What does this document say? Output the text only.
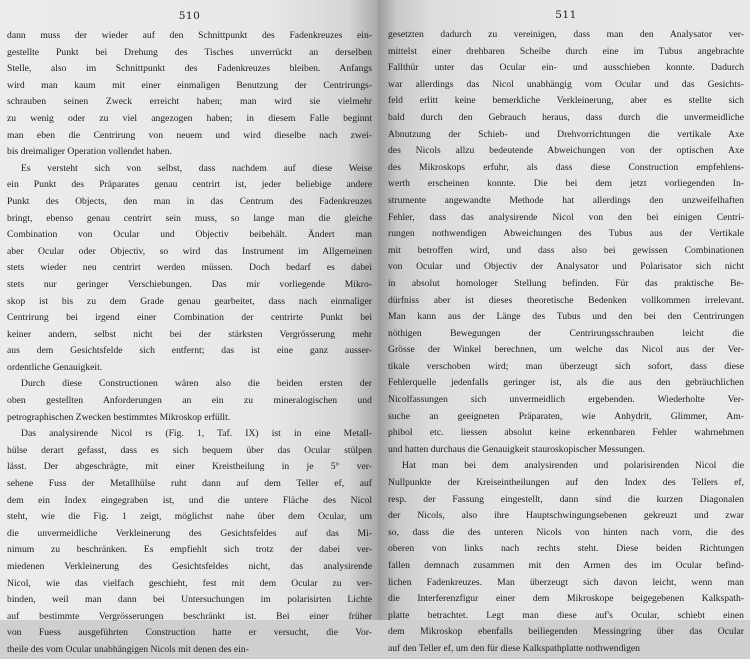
510
dann muss der wieder auf den Schnittpunkt des Fadenkreuzes ein-
gestellte Punkt bei Drehung des Tisches unverrückt an derselben
Stelle, also im Schnittpunkt des Fadenkreuzes bleiben. Anfangs
wird man kaum mit einer einmaligen Benutzung der Centrirungs-
schrauben seinen Zweck erreicht haben; man wird sie vielmehr
zu wenig oder zu viel angezogen haben; in diesem Falle beginnt
man eben die Centrirung von neuem und wird dieselbe nach zwei-
bis dreimaliger Operation vollendet haben.
Es versteht sich von selbst, dass nachdem auf diese Weise
ein Punkt des Präparates genau centrirt ist, jeder beliebige andere
Punkt des Objects, den man in das Centrum des Fadenkreuzes
bringt, ebenso genau centrirt sein muss, so lange man die gleiche
Combination von Ocular und Objectiv beibehält. Ändert man
aber Ocular oder Objectiv, so wird das Instrument im Allgemeinen
stets wieder neu centrirt werden müssen. Doch bedarf es dabei
stets nur geringer Verschiebungen. Das mir vorliegende Mikro-
skop ist bis zu dem Grade genau gearbeitet, dass nach einmaliger
Centrirung bei irgend einer Combination der centrirte Punkt bei
keiner andern, selbst nicht bei der stärksten Vergrösserung mehr
aus dem Gesichtsfelde sich entfernt; das ist eine ganz ausser-
ordentliche Genauigkeit.
Durch diese Constructionen wären also die beiden ersten der
oben gestellten Anforderungen an ein zu mineralogischen und
petrographischen Zwecken bestimmtes Mikroskop erfüllt.
Das analysirende Nicol rs (Fig. 1, Taf. IX) ist in eine Metall-
hülse derart gefasst, dass es sich bequem über das Ocular stülpen
lässt. Der abgeschrägte, mit einer Kreistheilung in je 5° ver-
sehene Fuss der Metallhülse ruht dann auf dem Teller ef, auf
dem ein Index eingegraben ist, und die untere Fläche des Nicol
steht, wie die Fig. 1 zeigt, möglichst nahe über dem Ocular, um
die unvermeidliche Verkleinerung des Gesichtsfeldes auf das Mi-
nimum zu beschränken. Es empfiehlt sich trotz der dabei ver-
miedenen Verkleinerung des Gesichtsfeldes nicht, das analysirende
Nicol, wie das vielfach geschieht, fest mit dem Ocular zu ver-
binden, weil man dann bei Untersuchungen im polarisirten Lichte
auf bestimmte Vergrösserungen beschränkt ist. Bei einer früher
von Fuess ausgeführten Construction hatte er versucht, die Vor-
theile des vom Ocular unabhängigen Nicols mit denen des ein-
511
gesetzten dadurch zu vereinigen, dass man den Analysator ver-
mittelst einer drehbaren Scheibe durch eine im Tubus angebrachte
Fallthür unter das Ocular ein- und ausschieben konnte. Dadurch
war allerdings das Nicol unabhängig vom Ocular und das Gesichts-
feld erlitt keine bemerkliche Verkleinerung, aber es stellte sich
bald durch den Gebrauch heraus, dass durch die unvermeidliche
Abnutzung der Schieb- und Drehvorrichtungen die vertikale Axe
des Nicols allzu bedeutende Abweichungen von der optischen Axe
des Mikroskops erfuhr, als dass diese Construction empfehlens-
werth erscheinen konnte. Die bei dem jetzt vorliegenden In-
strumente angewandte Methode hat allerdings den unzweifelhaften
Fehler, dass das analysirende Nicol von den bei einigen Centri-
rungen nothwendigen Abweichungen des Tubus aus der Vertikale
mit betroffen wird, und dass also bei gewissen Combinationen
von Ocular und Objectiv der Analysator und Polarisator sich nicht
in absolut homologer Stellung befinden. Für das praktische Be-
dürfniss aber ist dieses theoretische Bedenken vollkommen irrelevant.
Man kann aus der Länge des Tubus und den bei den Centrirungen
nöthigen Bewegungen der Centrirungsschrauben leicht die
Grösse der Winkel berechnen, um welche das Nicol aus der Ver-
tikale verschoben wird; man überzeugt sich sofort, dass diese
Fehlerquelle jedenfalls geringer ist, als die aus den gebräuchlichen
Nicolfassungen sich unvermeidlich ergebenden. Wiederholte Ver-
suche an geeigneten Präparaten, wie Anhydrit, Glimmer, Am-
phibol etc. liessen absolut keine erkennbaren Fehler wahrnehmen
und hatten durchaus die Genauigkeit stauroskopischer Messungen.
Hat man bei dem analysirenden und polarisirenden Nicol die
Nullpunkte der Kreiseintheilungen auf den Index des Tellers ef,
resp. der Fassung eingestellt, dann sind die kurzen Diagonalen
der Nicols, also ihre Hauptschwingungsebenen gekreuzt und zwar
so, dass die des unteren Nicols von hinten nach vorn, die des
oberen von links nach rechts steht. Diese beiden Richtungen
fallen demnach zusammen mit den Armen des im Ocular befind-
lichen Fadenkreuzes. Man überzeugt sich davon leicht, wenn man
die Interferenzfigur einer dem Mikroskope beigegebenen Kalkspath-
platte betrachtet. Legt man diese auf's Ocular, schiebt einen
dem Mikroskop ebenfalls beiliegenden Messingring über das Ocular
auf den Teller ef, um den für diese Kalkspathplatte nothwendigen
